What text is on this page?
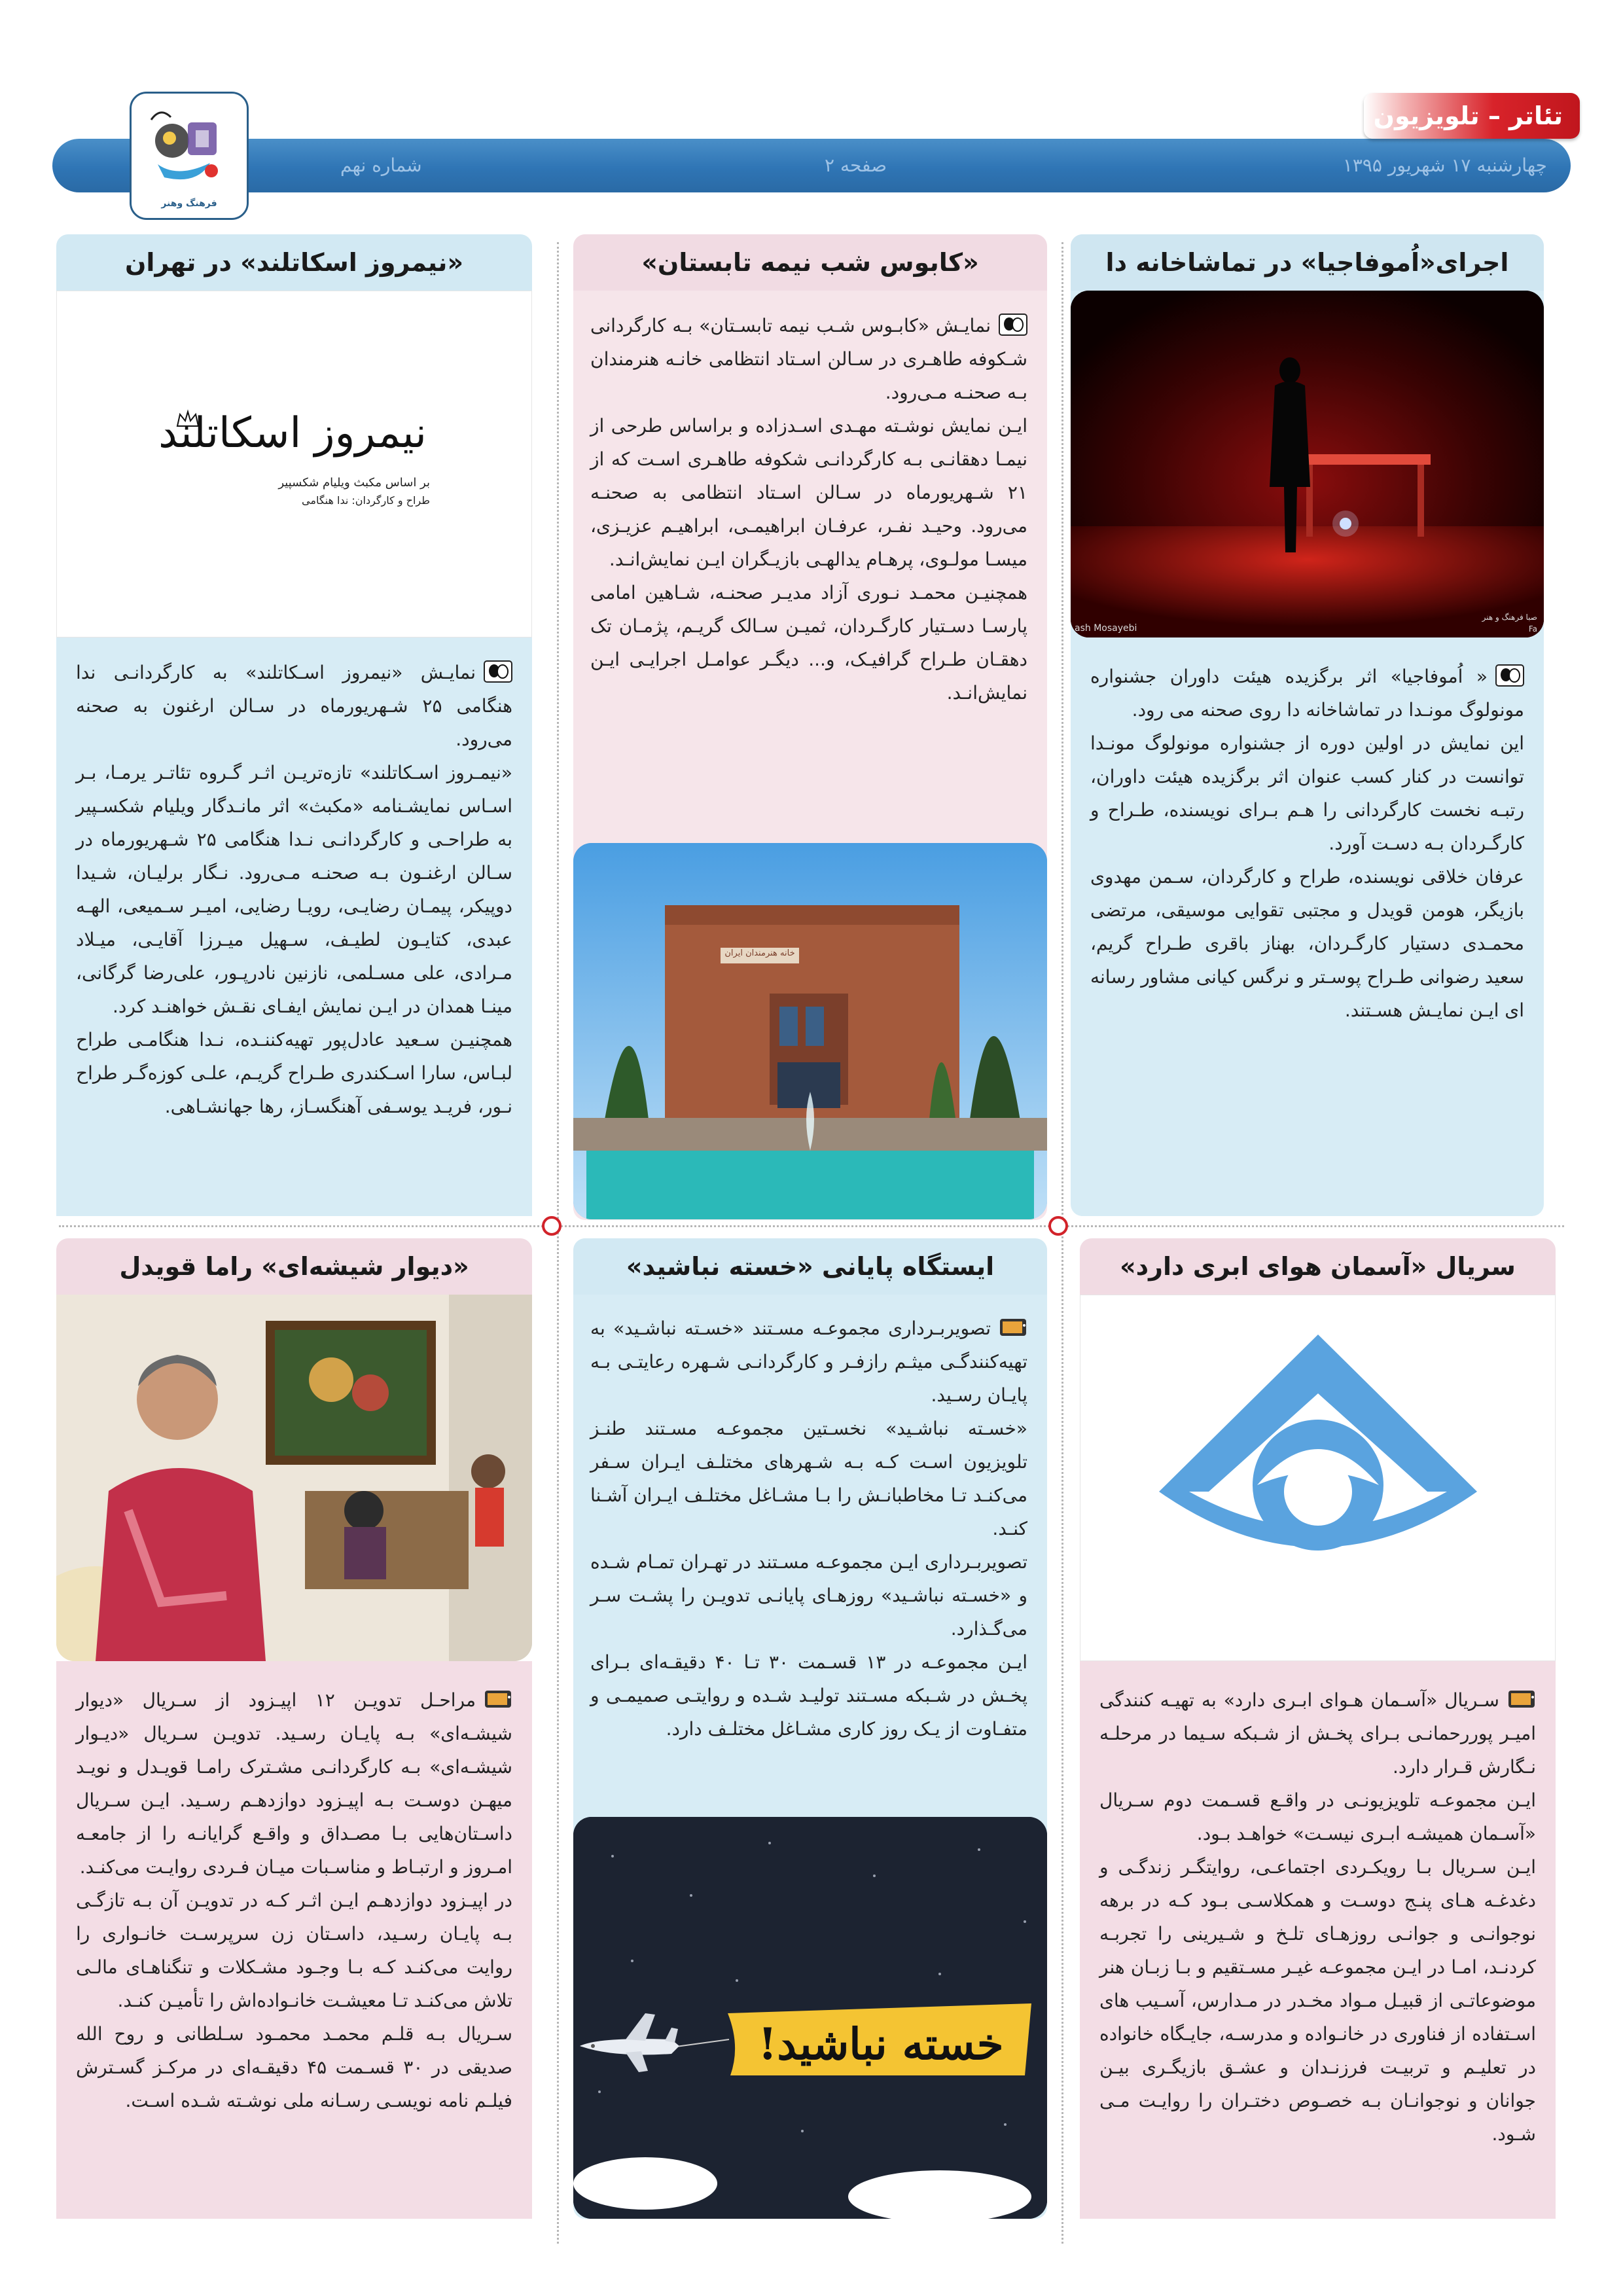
فرهنگ وهنر
تئاتر – تلویزیون
چهارشنبه ۱۷ شهریور ۱۳۹۵
صفحه ۲
شماره نهم
اجرای«اُموفاجیا» در تماشاخانه دا
ash Mosayebi
صبا فرهنگ و هنر
Fa

« اُموفاجیا» اثر برگزیده هیئت داوران جشنواره مونولوگ مونـدا در تماشاخانه دا روی صحنه می رود.

این نمایش در اولین دوره از جشنواره مونولوگ مونـدا توانست در کنار کسب عنوان اثر برگزیده هیئت داوران، رتبـه نخست کارگردانی را هـم بـرای نویسنده، طـراح و کارگـردان بـه دسـت آورد.

عرفان خلاقی نویسنده، طراح و کارگردان، سـمن مهدوی بازیگر، هومن قویدل و مجتبی تقوایی موسیقی، مرتضی محمـدی دستیار کارگـردان، بهناز باقری طـراح گریم، سعید رضوانی طـراح پوسـتر و نرگس کیانی مشاور رسانه ای ایـن نمایـش هسـتند.

«کابوس شب نیمه تابستان»

نمایـش «کابـوس شـب نیمه تابسـتان» بـه کارگردانی شـکوفه طاهـری در سـالن اسـتاد انتظامی خانـه هنرمندان بـه صحنـه مـی‌رود.

ایـن نمایش نوشـته مهـدی اسـدزاده و براساس طرحی از نیمـا دهقانـی بـه کارگردانـی شکوفه طاهـری اسـت که از ۲۱ شـهریورماه در سـالن اسـتاد انتظامی به صحنـه می‌رود. وحیـد نفـر، عرفـان ابراهیمـی، ابراهیـم عزیـزی، میسـا مولـوی، پرهـام یدالهـی بازیـگران ایـن نمایش‌انـد.

همچنیـن محمـد نـوری آزاد مدیـر صحنـه، شـاهین امامی پارسـا دسـتیار کارگـردان، ثمیـن سـالک گریـم، پژمـان تک دهقـان طـراح گرافیـک، و... دیگـر عوامـل اجرایـی ایـن نمایش‌انـد.

خانه هنرمندان ایران
«نیمروز اسکاتلند» در تهران
نیمروز اسکاتلند
بر اساس مکبث ویلیام شکسپیر
طراح و کارگردان: ندا هنگامی

نمایـش «نیمروز اسـکاتلند» به کارگردانـی ندا هنگامی ۲۵ شـهریورماه در سـالن ارغنون به صحنه می‌رود.

«نیمـروز اسـکاتلند» تازه‌تریـن اثـر گـروه تئاتـر یرمـا، بـر اسـاس نمایشـنامه «مکبث» اثر مانـدگار ویلیام شکسـپیر به طراحـی و کارگردانـی نـدا هنگامی ۲۵ شـهریورماه در سـالن ارغنـون بـه صحنـه مـی‌رود. نـگار برلیـان، شـیدا دوپیکر، پیمـان رضایـی، رویـا رضایی، امیـر سـمیعی، الهـه عبدی، کتایـون لطیـف، سـهیل میـرزا آقایـی، میـلاد مـرادی، علی مسـلمی، نازنین نادرپـور، علی‌رضا گرگانی، مینـا همدان در ایـن نمایش ایفـای نقـش خواهنـد کرد.

همچنیـن سـعید عادل‌پور تهیه‌کننـده، نـدا هنگامـی طراح لبـاس، سارا اسـکندری طـراح گریـم، علـی کوزه‌گـر طراح نـور، فریـد یوسـفی آهنگسـاز، رها جهانشـاهی.

سریال «آسمان هوای ابری دارد»

سـریال «آسـمان هـوای ابـری دارد» به تهیـه کنندگی امیـر پوررحمانـی بـرای پخـش از شـبکه سـیما در مرحلـه نـگارش قـرار دارد.

ایـن مجموعـه تلویزیونـی در واقـع قسـمت دوم سـریال «آسـمان همیشـه ابـری نیسـت» خواهـد بـود.

ایـن سـریال بـا رویکـردی اجتماعـی، روایتگـر زندگـی و دغدغـه هـای پنـج دوسـت و همکلاسـی بـود کـه در برهه نوجوانـی و جوانـی روزهـای تلـخ و شـیرینی را تجربـه کردنـد، امـا در ایـن مجموعـه غیـر مسـتقیم و بـا زبـان هنر موضوعاتـی از قبیـل مـواد مخـدر در مـدارس، آسـیب های اسـتفاده از فناوری در خانـواده و مدرسـه، جایـگاه خانواده در تعلیـم و تربیـت فرزنـدان و عشـق بازیگـری بیـن جوانان و نوجوانـان بـه خصـوص دختـران را روایـت مـی شـود.

ایستگاه پایانی «خسته نباشید»

تصویربـرداری مجموعـه مسـتند «خسـته نباشـید» به تهیه‌کنندگـی میثـم رازفـر و کارگردانـی شـهره رعایتـی بـه پایـان رسـید.

«خسـته نباشـید» نخسـتین مجموعـه مسـتند طنـز تلویزیون اسـت کـه بـه شـهرهای مختلـف ایـران سـفر می‌کنـد تـا مخاطبانـش را بـا مشـاغل مختلـف ایـران آشـنا کنـد.

تصویربـرداری ایـن مجموعـه مسـتند در تهـران تمـام شـده و «خسـته نباشـید» روزهـای پایانـی تدویـن را پشـت سـر می‌گـذارد.

ایـن مجموعـه در ۱۳ قسـمت ۳۰ تـا ۴۰ دقیقـه‌ای بـرای پخـش در شـبکه مسـتند تولیـد شـده و روایتـی صمیمـی و متفـاوت از یـک روز کاری مشـاغل مختلـف دارد.

خسته نباشید!
«دیوار شیشه‌ای» راما قویدل

مراحـل تدویـن ۱۲ اپیـزود از سـریال «دیوار شیشـه‌ای» بـه پایـان رسـید. تدویـن سـریال «دیـوار شیشـه‌ای» بـه کارگردانـی مشـترک رامـا قویـدل و نویـد میهـن دوسـت بـه اپیـزود دوازدهـم رسـید. ایـن سـریال داسـتان‌هایی بـا مصـداق و واقـع گرایانـه را از جامعـه امـروز و ارتبـاط و مناسـبات میـان فـردی روایـت می‌کنـد.

در اپیـزود دوازدهـم ایـن اثـر کـه در تدویـن آن بـه تازگـی بـه پایـان رسـید، داسـتان زن سرپرسـت خانـواری را روایت می‌کنـد کـه بـا وجـود مشـکلات و تنگناهـای مالـی تلاش می‌کنـد تـا معیشـت خانـواده‌اش را تأمیـن کنـد.

سـریال بـه قلـم محمـد محمـود سـلطانی و روح الله صدیقی در ۳۰ قسـمت ۴۵ دقیقـه‌ای در مرکـز گسـترش فیلـم نامه نویسـی رسـانه ملی نوشـته شـده اسـت.
